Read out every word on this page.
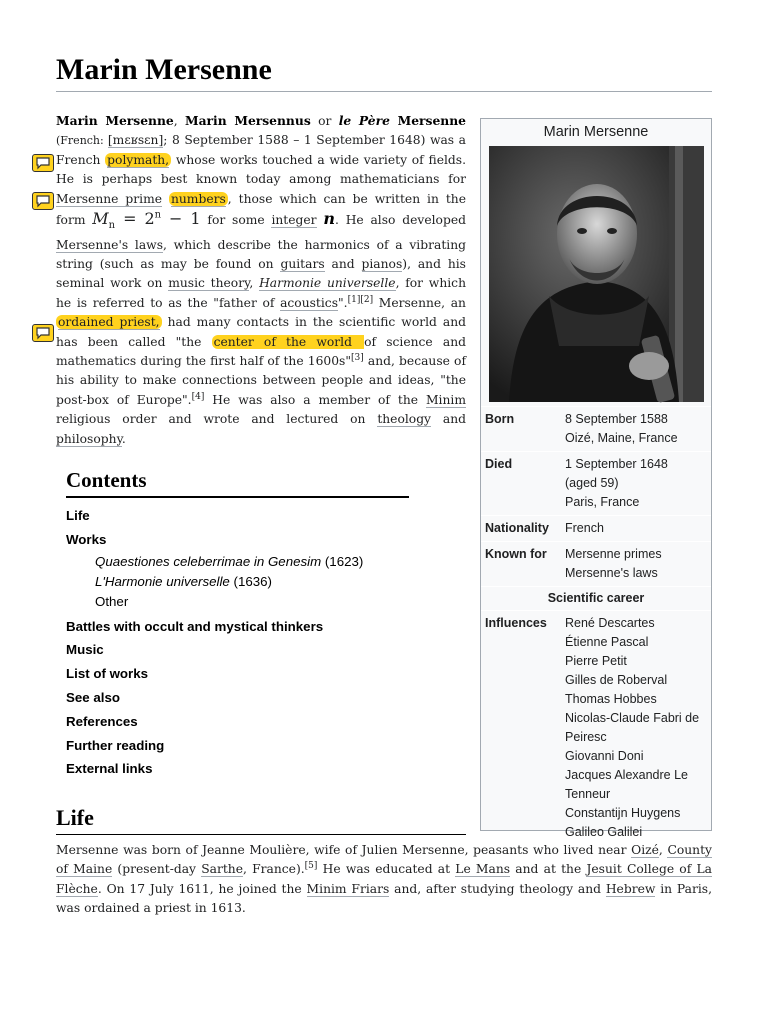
Marin Mersenne

Marin Mersenne, Marin Mersennus or le Père Mersenne (French: [mɛʁsɛn]; 8 September 1588 – 1 September 1648) was a French polymath, whose works touched a wide variety of fields. He is perhaps best known today among mathematicians for Mersenne prime numbers , those which can be written in the form $M_n = 2^n - 1$ for some integer n. He also developed Mersenne's laws, which describe the harmonics of a vibrating string (such as may be found on guitars and pianos), and his seminal work on music theory, Harmonie universelle, for which he is referred to as the "father of acoustics".[1][2] Mersenne, an ordained priest, had many contacts in the scientific world and has been called "the center of the world of science and mathematics during the first half of the 1600s"[3] and, because of his ability to make connections between people and ideas, "the post-box of Europe".[4] He was also a member of the Minim religious order and wrote and lectured on theology and philosophy.

Contents
Life
Works
Quaestiones celeberrimae in Genesim (1623)
L'Harmonie universelle (1636)
Other
Battles with occult and mystical thinkers
Music
List of works
See also
References
Further reading
External links
Life

Mersenne was born of Jeanne Moulière, wife of Julien Mersenne, peasants who lived near Oizé, County of Maine (present-day Sarthe, France).[5] He was educated at Le Mans and at the Jesuit College of La Flèche. On 17 July 1611, he joined the Minim Friars and, after studying theology and Hebrew in Paris, was ordained a priest in 1613.

Marin Mersenne
Born	8 September 1588
Oizé, Maine, France
Died	1 September 1648
(aged 59)
Paris, France
Nationality	French
Known for	Mersenne primes
Mersenne's laws
Scientific career
Influences	René Descartes
Étienne Pascal
Pierre Petit
Gilles de Roberval
Thomas Hobbes
Nicolas-Claude Fabri de Peiresc
Giovanni Doni
Jacques Alexandre Le Tenneur
Constantijn Huygens
Galileo Galilei
